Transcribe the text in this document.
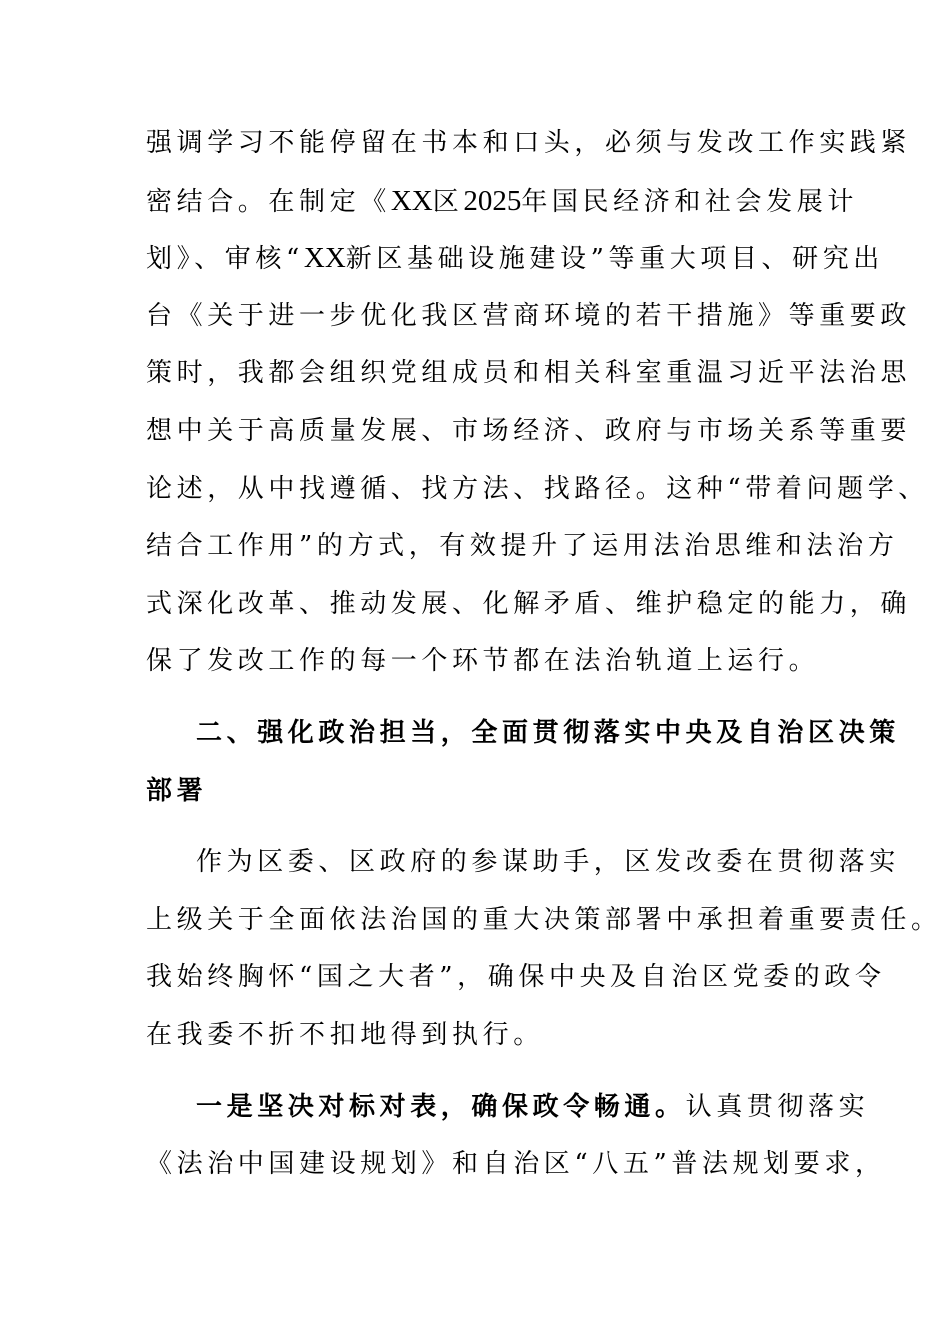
强调学习不能停留在书本和口头，必须与发改工作实践紧
密结合。在制定《XX区2025年国民经济和社会发展计
划》、审核“XX新区基础设施建设”等重大项目、研究出
台《关于进一步优化我区营商环境的若干措施》等重要政
策时，我都会组织党组成员和相关科室重温习近平法治思
想中关于高质量发展、市场经济、政府与市场关系等重要
论述，从中找遵循、找方法、找路径。这种“带着问题学、
结合工作用”的方式，有效提升了运用法治思维和法治方
式深化改革、推动发展、化解矛盾、维护稳定的能力，确
保了发改工作的每一个环节都在法治轨道上运行。
二、强化政治担当，全面贯彻落实中央及自治区决策
部署
作为区委、区政府的参谋助手，区发改委在贯彻落实
上级关于全面依法治国的重大决策部署中承担着重要责任。
我始终胸怀“国之大者”，确保中央及自治区党委的政令
在我委不折不扣地得到执行。
一是坚决对标对表，确保政令畅通。认真贯彻落实
《法治中国建设规划》和自治区“八五”普法规划要求，
